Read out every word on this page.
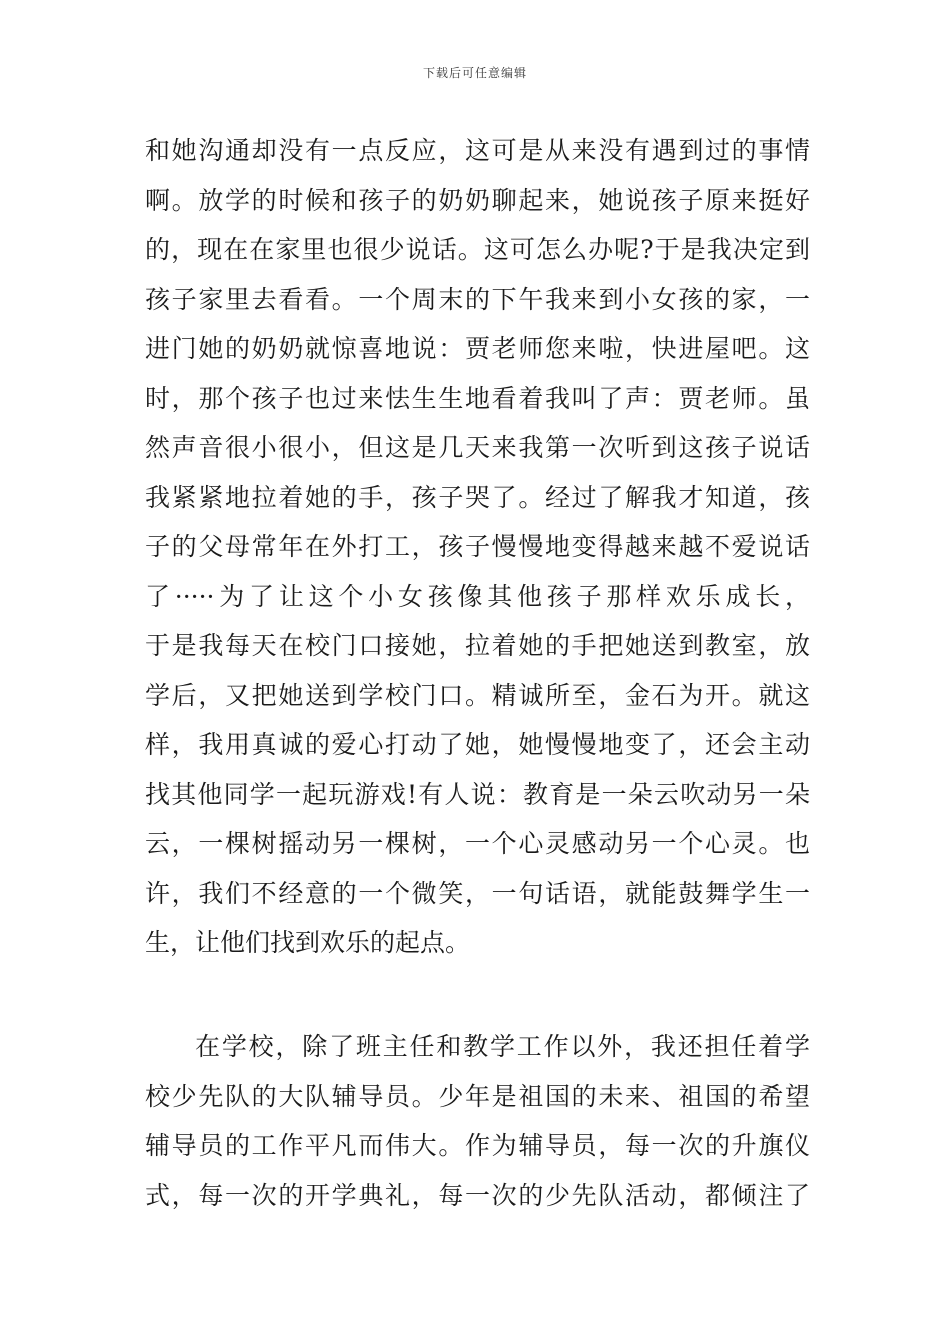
下载后可任意编辑
和她沟通却没有一点反应，这可是从来没有遇到过的事情
啊。放学的时候和孩子的奶奶聊起来，她说孩子原来挺好
的，现在在家里也很少说话。这可怎么办呢?于是我决定到
孩子家里去看看。一个周末的下午我来到小女孩的家，一
进门她的奶奶就惊喜地说：贾老师您来啦，快进屋吧。这
时，那个孩子也过来怯生生地看着我叫了声：贾老师。虽
然声音很小很小，但这是几天来我第一次听到这孩子说话
我紧紧地拉着她的手，孩子哭了。经过了解我才知道，孩
子的父母常年在外打工，孩子慢慢地变得越来越不爱说话
了·····为了让这个小女孩像其他孩子那样欢乐成长，
于是我每天在校门口接她，拉着她的手把她送到教室，放
学后，又把她送到学校门口。精诚所至，金石为开。就这
样，我用真诚的爱心打动了她，她慢慢地变了，还会主动
找其他同学一起玩游戏!有人说：教育是一朵云吹动另一朵
云，一棵树摇动另一棵树，一个心灵感动另一个心灵。也
许，我们不经意的一个微笑，一句话语，就能鼓舞学生一
生，让他们找到欢乐的起点。
在学校，除了班主任和教学工作以外，我还担任着学
校少先队的大队辅导员。少年是祖国的未来、祖国的希望
辅导员的工作平凡而伟大。作为辅导员，每一次的升旗仪
式，每一次的开学典礼，每一次的少先队活动，都倾注了
